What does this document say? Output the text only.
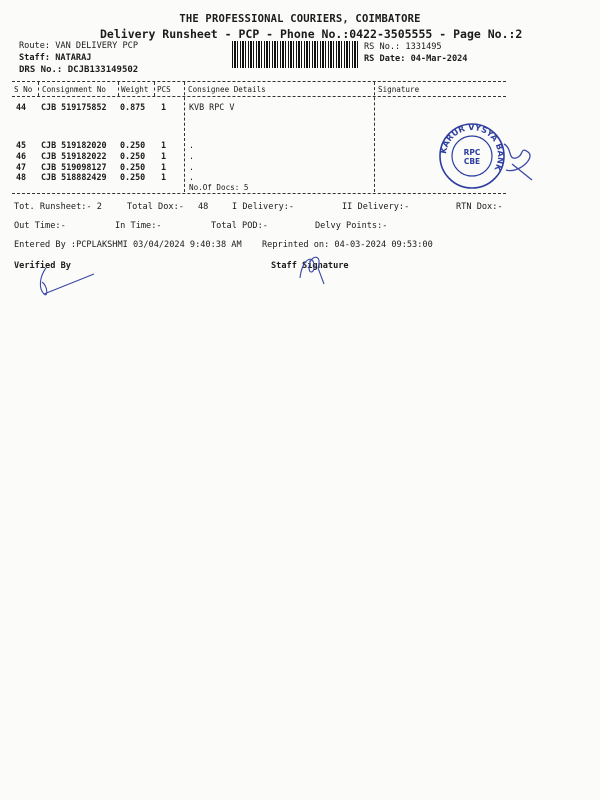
THE PROFESSIONAL COURIERS, COIMBATORE
Delivery Runsheet - PCP - Phone No.:0422-3505555 - Page No.:2
Route: VAN DELIVERY PCP
Staff: NATARAJ
DRS No.: DCJB133149502
RS No.: 1331495
RS Date: 04-Mar-2024
S No Consignment No Weight PCS Consignee Details	Signature
44 CJB 519175852 0.875 1	KVB RPC V
45 CJB 519182020 0.250 1	.
46 CJB 519182022 0.250 1	.
47 CJB 519098127 0.250 1	.
48 CJB 518882429 0.250 1	.
No.Of Docs: 5
KARUR VYSYA BANK
RPC
CBE
Tot. Runsheet:- 2	Total Dox:- 48	I Delivery:-	II Delivery:-	RTN Dox:-
Out Time:-	In Time:-	Total POD:-	Delvy Points:-
Entered By :PCPLAKSHMI 03/04/2024 9:40:38 AM Reprinted on: 04-03-2024 09:53:00
Verified By	Staff Signature
